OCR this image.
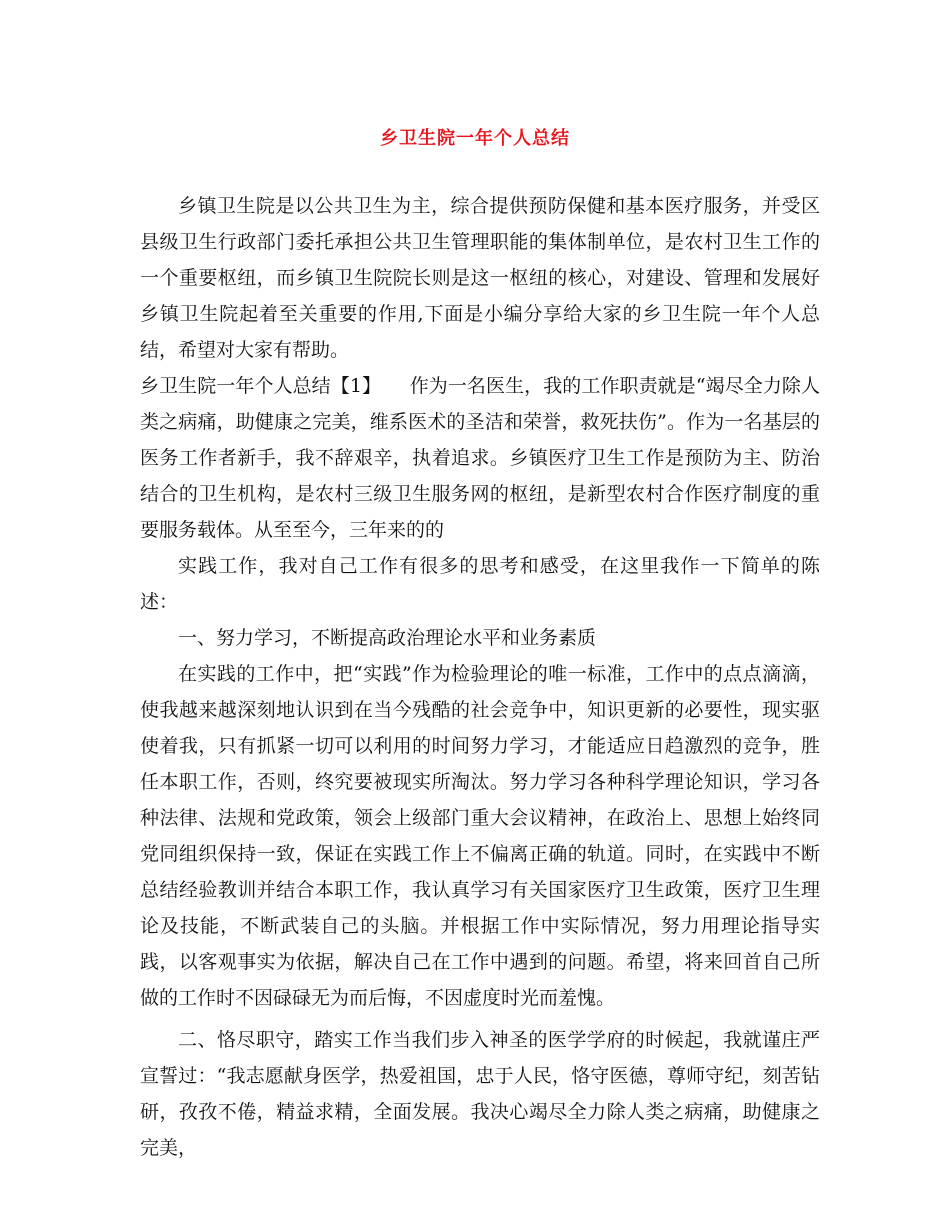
乡卫生院一年个人总结

乡镇卫生院是以公共卫生为主，综合提供预防保健和基本医疗服务，并受区县级卫生行政部门委托承担公共卫生管理职能的集体制单位，是农村卫生工作的一个重要枢纽，而乡镇卫生院院长则是这一枢纽的核心，对建设、管理和发展好乡镇卫生院起着至关重要的作用,下面是小编分享给大家的乡卫生院一年个人总结，希望对大家有帮助。

乡卫生院一年个人总结【1】　　作为一名医生，我的工作职责就是“竭尽全力除人类之病痛，助健康之完美，维系医术的圣洁和荣誉，救死扶伤”。作为一名基层的医务工作者新手，我不辞艰辛，执着追求。乡镇医疗卫生工作是预防为主、防治结合的卫生机构，是农村三级卫生服务网的枢纽，是新型农村合作医疗制度的重要服务载体。从至至今，三年来的的

实践工作，我对自己工作有很多的思考和感受，在这里我作一下简单的陈述：

一、努力学习，不断提高政治理论水平和业务素质

在实践的工作中，把“实践”作为检验理论的唯一标准，工作中的点点滴滴，使我越来越深刻地认识到在当今残酷的社会竞争中，知识更新的必要性，现实驱使着我，只有抓紧一切可以利用的时间努力学习，才能适应日趋激烈的竞争，胜任本职工作，否则，终究要被现实所淘汰。努力学习各种科学理论知识，学习各种法律、法规和党政策，领会上级部门重大会议精神，在政治上、思想上始终同党同组织保持一致，保证在实践工作上不偏离正确的轨道。同时，在实践中不断总结经验教训并结合本职工作，我认真学习有关国家医疗卫生政策，医疗卫生理论及技能，不断武装自己的头脑。并根据工作中实际情况，努力用理论指导实践，以客观事实为依据，解决自己在工作中遇到的问题。希望，将来回首自己所做的工作时不因碌碌无为而后悔，不因虚度时光而羞愧。

二、恪尽职守，踏实工作当我们步入神圣的医学学府的时候起，我就谨庄严宣誓过：“我志愿献身医学，热爱祖国，忠于人民，恪守医德，尊师守纪，刻苦钻研，孜孜不倦，精益求精，全面发展。我决心竭尽全力除人类之病痛，助健康之完美，
